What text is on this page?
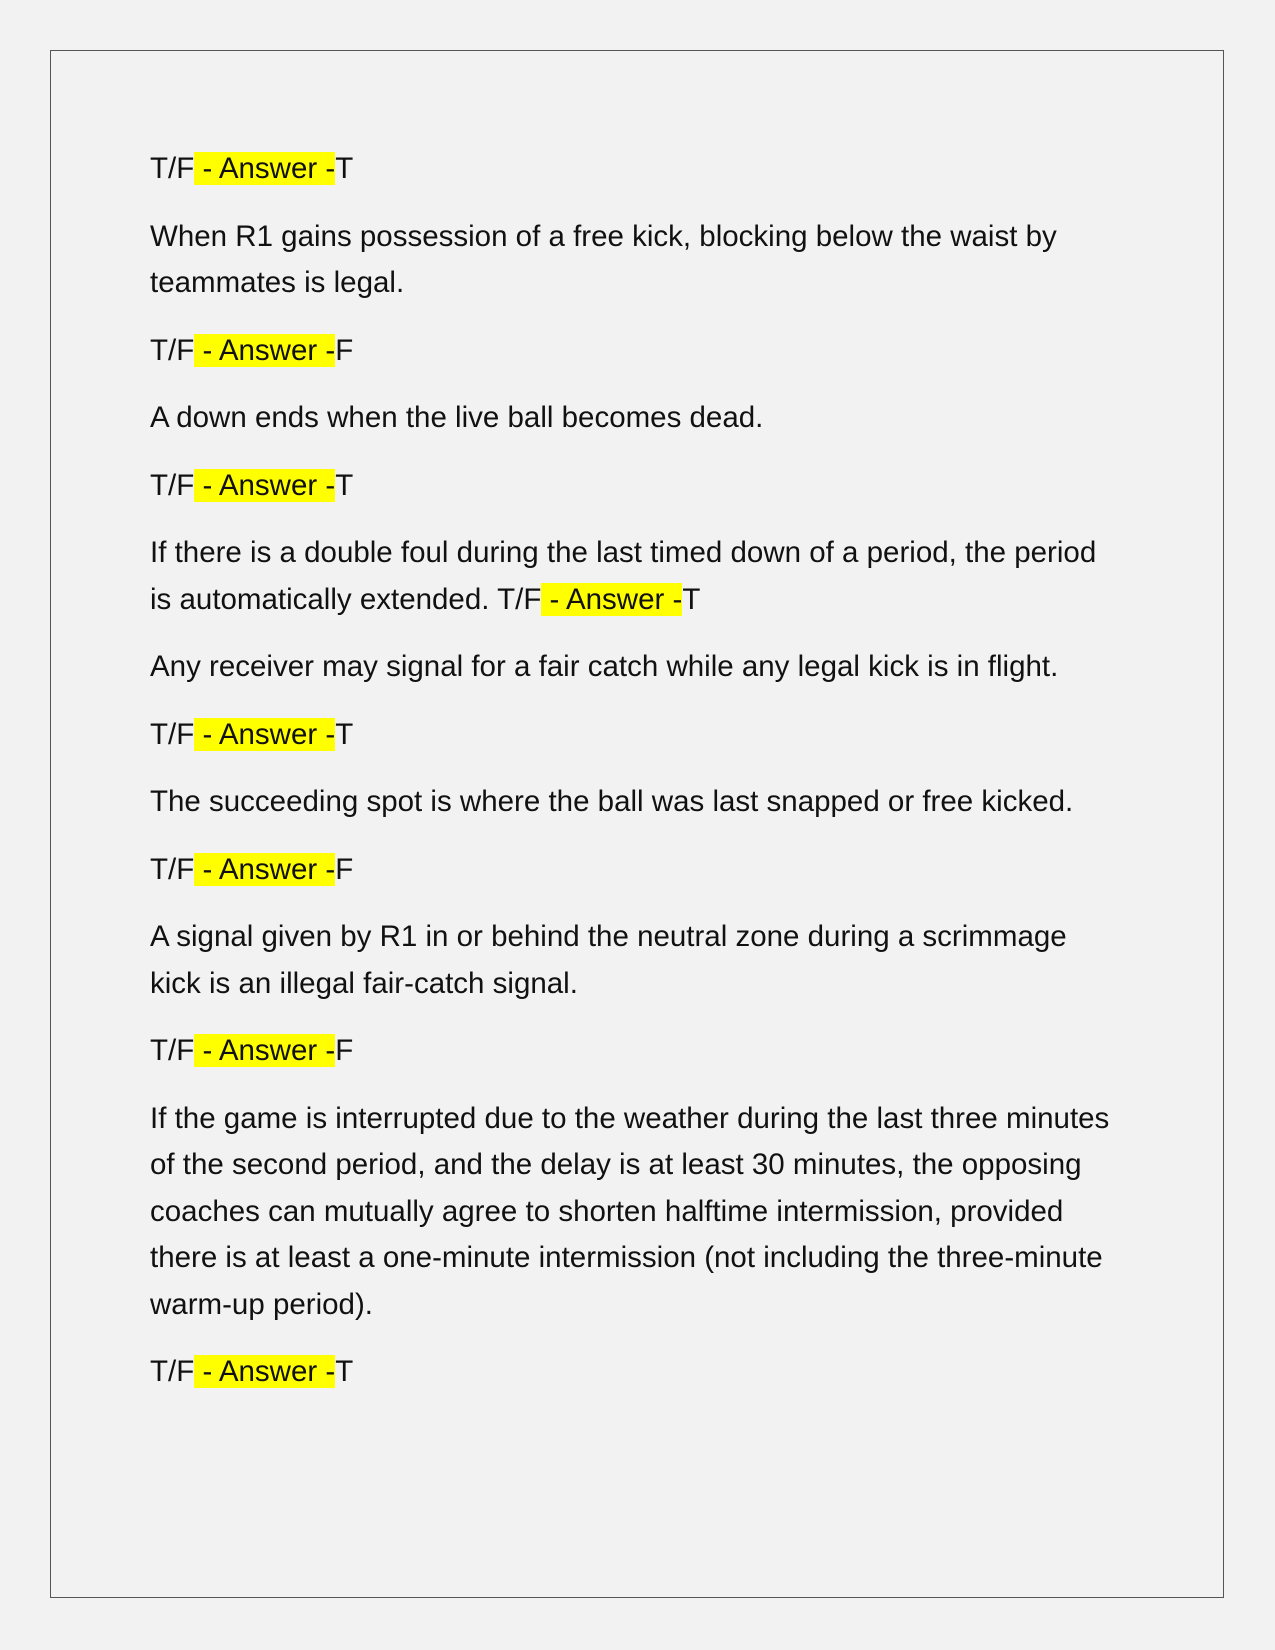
T/F - Answer -T

When R1 gains possession of a free kick, blocking below the waist by teammates is legal.

T/F - Answer -F

A down ends when the live ball becomes dead.

T/F - Answer -T

If there is a double foul during the last timed down of a period, the period is automatically extended. T/F - Answer -T

Any receiver may signal for a fair catch while any legal kick is in flight.

T/F - Answer -T

The succeeding spot is where the ball was last snapped or free kicked.

T/F - Answer -F

A signal given by R1 in or behind the neutral zone during a scrimmage kick is an illegal fair-catch signal.

T/F - Answer -F

If the game is interrupted due to the weather during the last three minutes of the second period, and the delay is at least 30 minutes, the opposing coaches can mutually agree to shorten halftime intermission, provided there is at least a one-minute intermission (not including the three-minute warm-up period).

T/F - Answer -T
